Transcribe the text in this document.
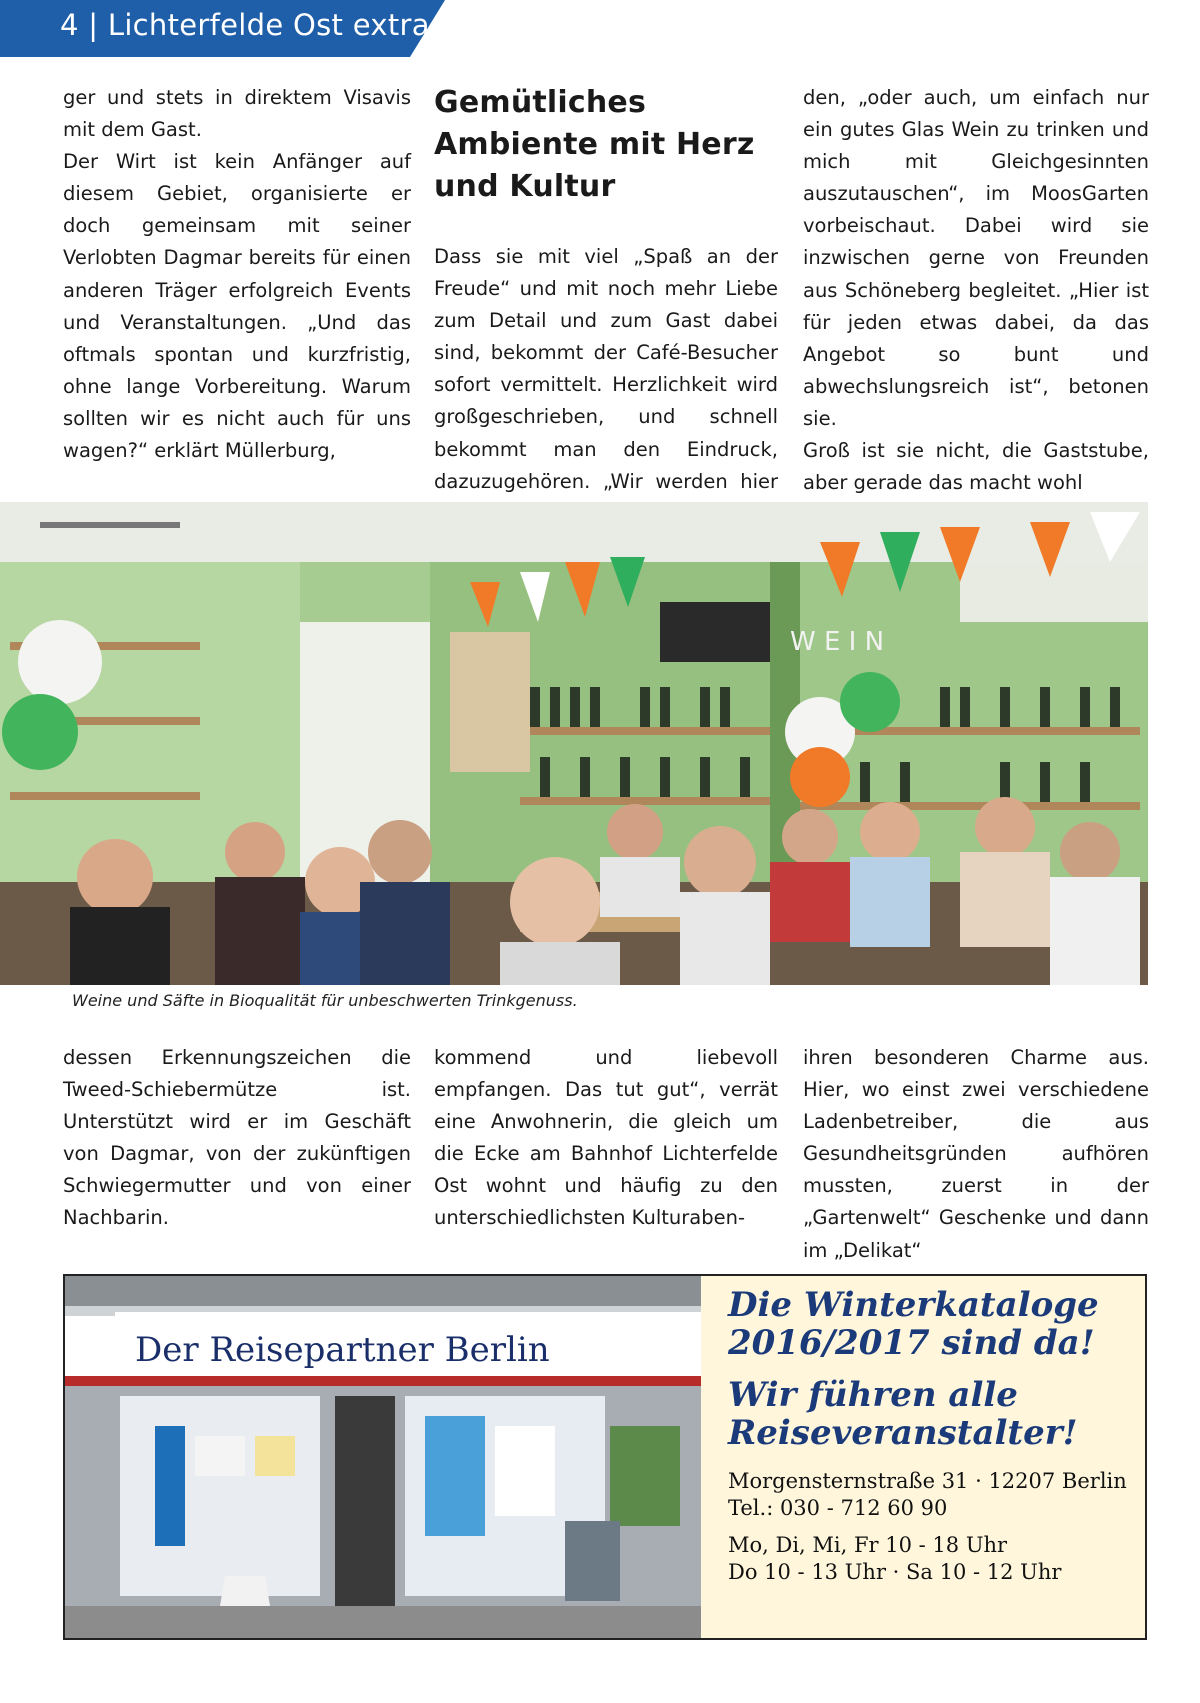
4 | Lichterfelde Ost extra

ger und stets in direktem Visavis mit dem Gast.

Der Wirt ist kein Anfänger auf diesem Gebiet, organisierte er doch gemeinsam mit seiner Verlobten Dagmar bereits für einen anderen Träger erfolgreich Events und Veranstaltungen. „Und das oftmals spontan und kurzfristig, ohne lange Vorbereitung. Warum sollten wir es nicht auch für uns wagen?“ erklärt Müllerburg,

Gemütliches Ambiente mit Herz und Kultur

Dass sie mit viel „Spaß an der Freude“ und mit noch mehr Liebe zum Detail und zum Gast dabei sind, bekommt der Café-Besucher sofort vermittelt. Herzlichkeit wird großgeschrieben, und schnell bekommt man den Eindruck, dazuzugehören. „Wir werden hier

den, „oder auch, um einfach nur ein gutes Glas Wein zu trinken und mich mit Gleichgesinnten auszutauschen“, im MoosGarten vorbeischaut. Dabei wird sie inzwischen gerne von Freunden aus Schöneberg begleitet. „Hier ist für jeden etwas dabei, da das Angebot so bunt und abwechslungsreich ist“, betonen sie.

Groß ist sie nicht, die Gaststube, aber gerade das macht wohl

W E I N
Weine und Säfte in Bioqualität für unbeschwerten Trinkgenuss.

dessen Erkennungszeichen die Tweed-Schiebermütze ist. Unterstützt wird er im Geschäft von Dagmar, von der zukünftigen Schwiegermutter und von einer Nachbarin.

kommend und liebevoll empfangen. Das tut gut“, verrät eine Anwohnerin, die gleich um die Ecke am Bahnhof Lichterfelde Ost wohnt und häufig zu den unterschiedlichsten Kulturaben-

ihren besonderen Charme aus. Hier, wo einst zwei verschiedene Ladenbetreiber, die aus Gesundheitsgründen aufhören mussten, zuerst in der „Gartenwelt“ Geschenke und dann im „Delikat“

Der Reisepartner Berlin

Die Winterkataloge 2016/2017 sind da!

Wir führen alle Reiseveranstalter!

Morgensternstraße 31 · 12207 Berlin

Tel.: 030 - 712 60 90

Mo, Di, Mi, Fr 10 - 18 Uhr

Do 10 - 13 Uhr · Sa 10 - 12 Uhr
